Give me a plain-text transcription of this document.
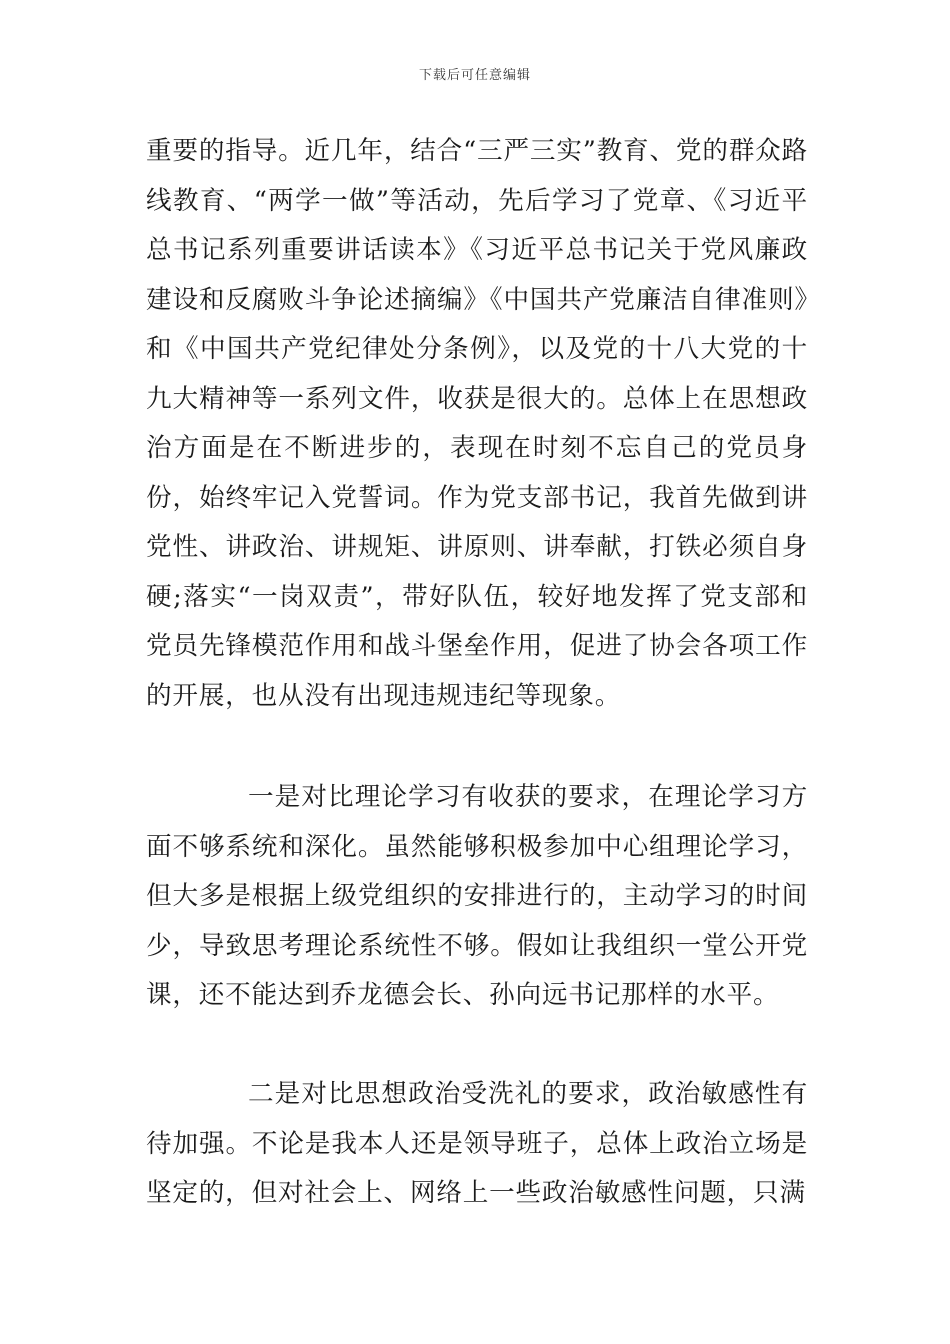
下载后可任意编辑

重要的指导。近几年，结合“三严三实”教育、党的群众路线教育、“两学一做”等活动，先后学习了党章、《习近平总书记系列重要讲话读本》《习近平总书记关于党风廉政建设和反腐败斗争论述摘编》《中国共产党廉洁自律准则》和《中国共产党纪律处分条例》，以及党的十八大党的十九大精神等一系列文件，收获是很大的。总体上在思想政治方面是在不断进步的，表现在时刻不忘自己的党员身份，始终牢记入党誓词。作为党支部书记，我首先做到讲党性、讲政治、讲规矩、讲原则、讲奉献，打铁必须自身硬;落实“一岗双责”，带好队伍，较好地发挥了党支部和党员先锋模范作用和战斗堡垒作用，促进了协会各项工作的开展，也从没有出现违规违纪等现象。

一是对比理论学习有收获的要求，在理论学习方面不够系统和深化。虽然能够积极参加中心组理论学习，但大多是根据上级党组织的安排进行的，主动学习的时间少，导致思考理论系统性不够。假如让我组织一堂公开党课，还不能达到乔龙德会长、孙向远书记那样的水平。

二是对比思想政治受洗礼的要求，政治敏感性有待加强。不论是我本人还是领导班子，总体上政治立场是坚定的，但对社会上、网络上一些政治敏感性问题，只满
